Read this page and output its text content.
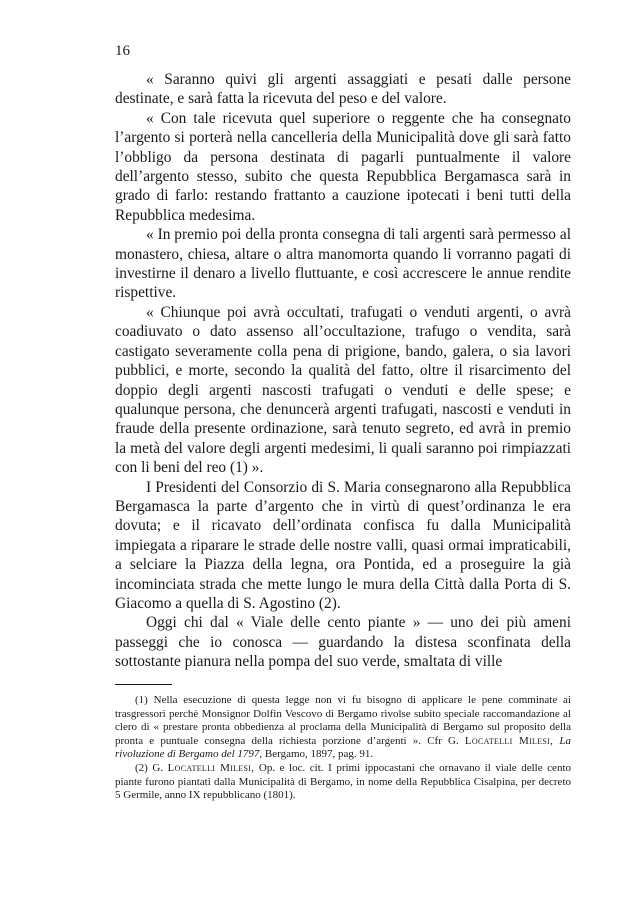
16

« Saranno quivi gli argenti assaggiati e pesati dalle persone destinate, e sarà fatta la ricevuta del peso e del valore.

« Con tale ricevuta quel superiore o reggente che ha consegnato l’argento si porterà nella cancelleria della Municipalità dove gli sarà fatto l’obbligo da persona destinata di pagarli puntualmente il valore dell’argento stesso, subito che questa Repubblica Bergamasca sarà in grado di farlo: restando frattanto a cauzione ipotecati i beni tutti della Repubblica medesima.

« In premio poi della pronta consegna di tali argenti sarà permesso al monastero, chiesa, altare o altra manomorta quando li vorranno pagati di investirne il denaro a livello fluttuante, e così accrescere le annue rendite rispettive.

« Chiunque poi avrà occultati, trafugati o venduti argenti, o avrà coadiuvato o dato assenso all’occultazione, trafugo o vendita, sarà castigato severamente colla pena di prigione, bando, galera, o sia lavori pubblici, e morte, secondo la qualità del fatto, oltre il risarcimento del doppio degli argenti nascosti trafugati o venduti e delle spese; e qualunque persona, che denuncerà argenti trafugati, nascosti e venduti in fraude della presente ordinazione, sarà tenuto segreto, ed avrà in premio la metà del valore degli argenti medesimi, li quali saranno poi rimpiazzati con li beni del reo (1) ».

I Presidenti del Consorzio di S. Maria consegnarono alla Repubblica Bergamasca la parte d’argento che in virtù di quest’ordinanza le era dovuta; e il ricavato dell’ordinata confisca fu dalla Municipalità impiegata a riparare le strade delle nostre valli, quasi ormai impraticabili, a selciare la Piazza della legna, ora Pontida, ed a proseguire la già incominciata strada che mette lungo le mura della Città dalla Porta di S. Giacomo a quella di S. Agostino (2).

Oggi chi dal « Viale delle cento piante » — uno dei più ameni passeggi che io conosca — guardando la distesa sconfinata della sottostante pianura nella pompa del suo verde, smaltata di ville

(1) Nella esecuzione di questa legge non vi fu bisogno di applicare le pene comminate ai trasgressori perchè Monsignor Dolfin Vescovo di Bergamo rivolse subito speciale raccomandazione al clero di « prestare pronta obbedienza al proclama della Municipalità di Bergamo sul proposito della pronta e puntuale consegna della richiesta porzione d’argenti ». Cfr G. Locatelli Milesi, La rivoluzione di Bergamo del 1797, Bergamo, 1897, pag. 91.

(2) G. Locatelli Milesi, Op. e loc. cit. I primi ippocastani che ornavano il viale delle cento piante furono piantati dalla Municipalità di Bergamo, in nome della Repubblica Cisalpina, per decreto 5 Germile, anno IX repubblicano (1801).
